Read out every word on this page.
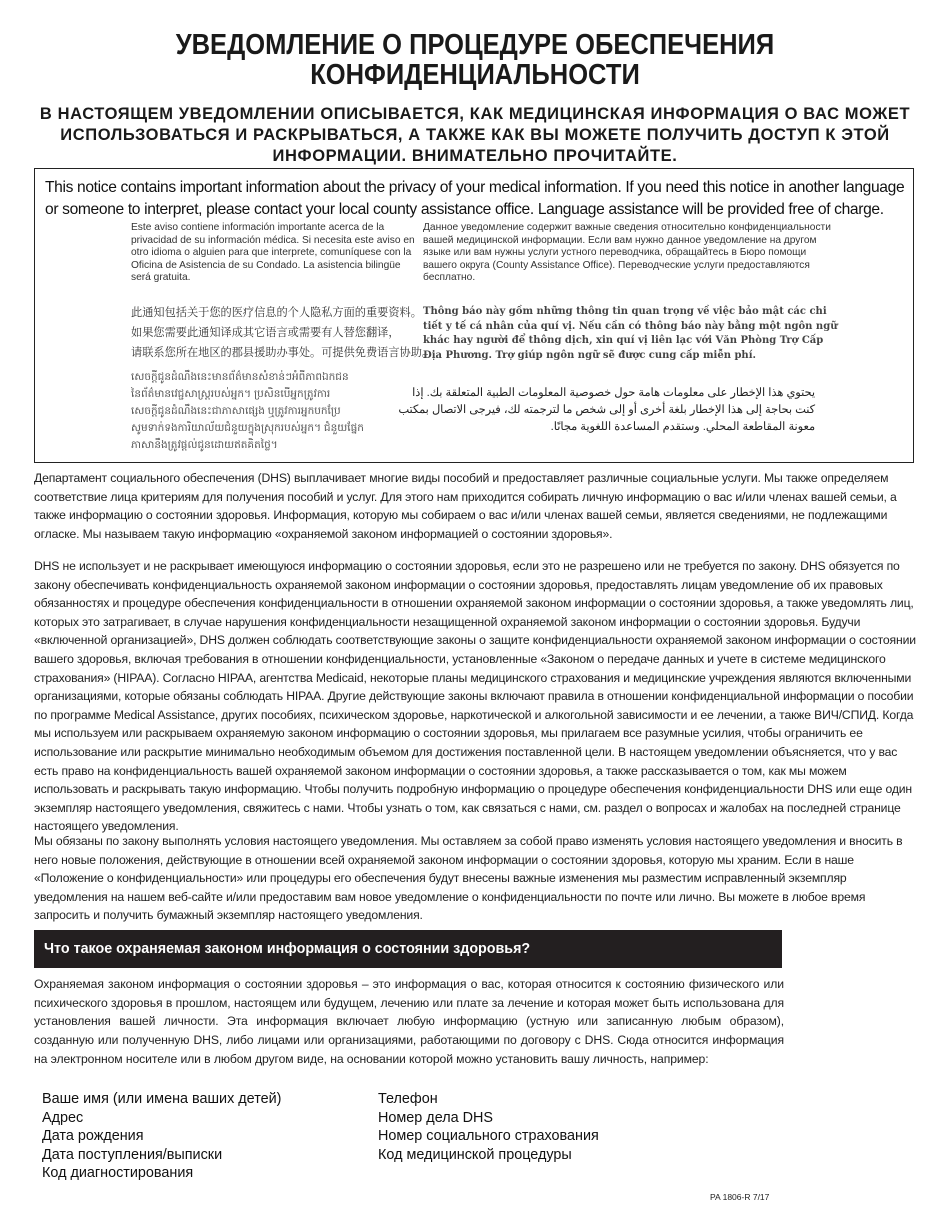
УВЕДОМЛЕНИЕ О ПРОЦЕДУРЕ ОБЕСПЕЧЕНИЯ
КОНФИДЕНЦИАЛЬНОСТИ
В НАСТОЯЩЕМ УВЕДОМЛЕНИИ ОПИСЫВАЕТСЯ, КАК МЕДИЦИНСКАЯ ИНФОРМАЦИЯ О ВАС МОЖЕТ ИСПОЛЬЗОВАТЬСЯ И РАСКРЫВАТЬСЯ, А ТАКЖЕ КАК ВЫ МОЖЕТЕ ПОЛУЧИТЬ ДОСТУП К ЭТОЙ ИНФОРМАЦИИ. ВНИМАТЕЛЬНО ПРОЧИТАЙТЕ.
This notice contains important information about the privacy of your medical information. If you need this notice in another language or someone to interpret, please contact your local county assistance office. Language assistance will be provided free of charge.
Este aviso contiene información importante acerca de la privacidad de su información médica. Si necesita este aviso en otro idioma o alguien para que interprete, comuníquese con la Oficina de Asistencia de su Condado. La asistencia bilingüe será gratuita.
Данное уведомление содержит важные сведения относительно конфиденциальности вашей медицинской информации. Если вам нужно данное уведомление на другом языке или вам нужны услуги устного переводчика, обращайтесь в Бюро помощи вашего округа (County Assistance Office). Переводческие услуги предоставляются бесплатно.
此通知包括关于您的医疗信息的个人隐私方面的重要资料。
如果您需要此通知译成其它语言或需要有人替您翻译，
请联系您所在地区的郡县援助办事处。可提供免费语言协助。
Thông báo này gồm những thông tin quan trọng về việc bảo mật các chi tiết y tế cá nhân của quí vị. Nếu cần có thông báo này bằng một ngôn ngữ khác hay người để thông dịch, xin quí vị liên lạc với Văn Phòng Trợ Cấp Địa Phương. Trợ giúp ngôn ngữ sẽ được cung cấp miễn phí.
សេចក្តីជូនដំណឹងនេះមានព័ត៌មានសំខាន់ៗអំពីភាពឯកជន
នៃព័ត៌មានវេជ្ជសាស្ត្ររបស់អ្នក។ ប្រសិនបើអ្នកត្រូវការ
សេចក្តីជូនដំណឹងនេះជាភាសាផ្សេង ឬត្រូវការអ្នកបកប្រែ
សូមទាក់ទងការិយាល័យជំនួយក្នុងស្រុករបស់អ្នក។ ជំនួយផ្នែក
ភាសានឹងត្រូវផ្តល់ជូនដោយឥតគិតថ្លៃ។
يحتوي هذا الإخطار على معلومات هامة حول خصوصية المعلومات الطبية المتعلقة بك. إذا كنت بحاجة إلى هذا الإخطار بلغة أخرى أو إلى شخص ما لترجمته لك، فيرجى الاتصال بمكتب معونة المقاطعة المحلي. وستقدم المساعدة اللغوية مجانًا.
Департамент социального обеспечения (DHS) выплачивает многие виды пособий и предоставляет различные социальные услуги. Мы также определяем соответствие лица критериям для получения пособий и услуг. Для этого нам приходится собирать личную информацию о вас и/или членах вашей семьи, а также информацию о состоянии здоровья. Информация, которую мы собираем о вас и/или членах вашей семьи, является сведениями, не подлежащими огласке. Мы называем такую информацию «охраняемой законом информацией о состоянии здоровья».
DHS не использует и не раскрывает имеющуюся информацию о состоянии здоровья, если это не разрешено или не требуется по закону. DHS обязуется по закону обеспечивать конфиденциальность охраняемой законом информации о состоянии здоровья, предоставлять лицам уведомление об их правовых обязанностях и процедуре обеспечения конфиденциальности в отношении охраняемой законом информации о состоянии здоровья, а также уведомлять лиц, которых это затрагивает, в случае нарушения конфиденциальности незащищенной охраняемой законом информации о состоянии здоровья. Будучи «включенной организацией», DHS должен соблюдать соответствующие законы о защите конфиденциальности охраняемой законом информации о состоянии вашего здоровья, включая требования в отношении конфиденциальности, установленные «Законом о передаче данных и учете в системе медицинского страхования» (HIPAA). Согласно HIPAA, агентства Medicaid, некоторые планы медицинского страхования и медицинские учреждения являются включенными организациями, которые обязаны соблюдать HIPAA. Другие действующие законы включают правила в отношении конфиденциальной информации о пособии по программе Medical Assistance, других пособиях, психическом здоровье, наркотической и алкогольной зависимости и ее лечении, а также ВИЧ/СПИД. Когда мы используем или раскрываем охраняемую законом информацию о состоянии здоровья, мы прилагаем все разумные усилия, чтобы ограничить ее использование или раскрытие минимально необходимым объемом для достижения поставленной цели. В настоящем уведомлении объясняется, что у вас есть право на конфиденциальность вашей охраняемой законом информации о состоянии здоровья, а также рассказывается о том, как мы можем использовать и раскрывать такую информацию. Чтобы получить подробную информацию о процедуре обеспечения конфиденциальности DHS или еще один экземпляр настоящего уведомления, свяжитесь с нами. Чтобы узнать о том, как связаться с нами, см. раздел о вопросах и жалобах на последней странице настоящего уведомления.
Мы обязаны по закону выполнять условия настоящего уведомления. Мы оставляем за собой право изменять условия настоящего уведомления и вносить в него новые положения, действующие в отношении всей охраняемой законом информации о состоянии здоровья, которую мы храним. Если в наше «Положение о конфиденциальности» или процедуры его обеспечения будут внесены важные изменения мы разместим исправленный экземпляр уведомления на нашем веб-сайте и/или предоставим вам новое уведомление о конфиденциальности по почте или лично. Вы можете в любое время запросить и получить бумажный экземпляр настоящего уведомления.
Что такое охраняемая законом информация о состоянии здоровья?
Охраняемая законом информация о состоянии здоровья – это информация о вас, которая относится к состоянию физического или психического здоровья в прошлом, настоящем или будущем, лечению или плате за лечение и которая может быть использована для установления вашей личности. Эта информация включает любую информацию (устную или записанную любым образом), созданную или полученную DHS, либо лицами или организациями, работающими по договору с DHS. Сюда относится информация на электронном носителе или в любом другом виде, на основании которой можно установить вашу личность, например:
Ваше имя (или имена ваших детей)
Адрес
Дата рождения
Дата поступления/выписки
Код диагностирования
Телефон
Номер дела DHS
Номер социального страхования
Код медицинской процедуры
PA 1806-R 7/17
